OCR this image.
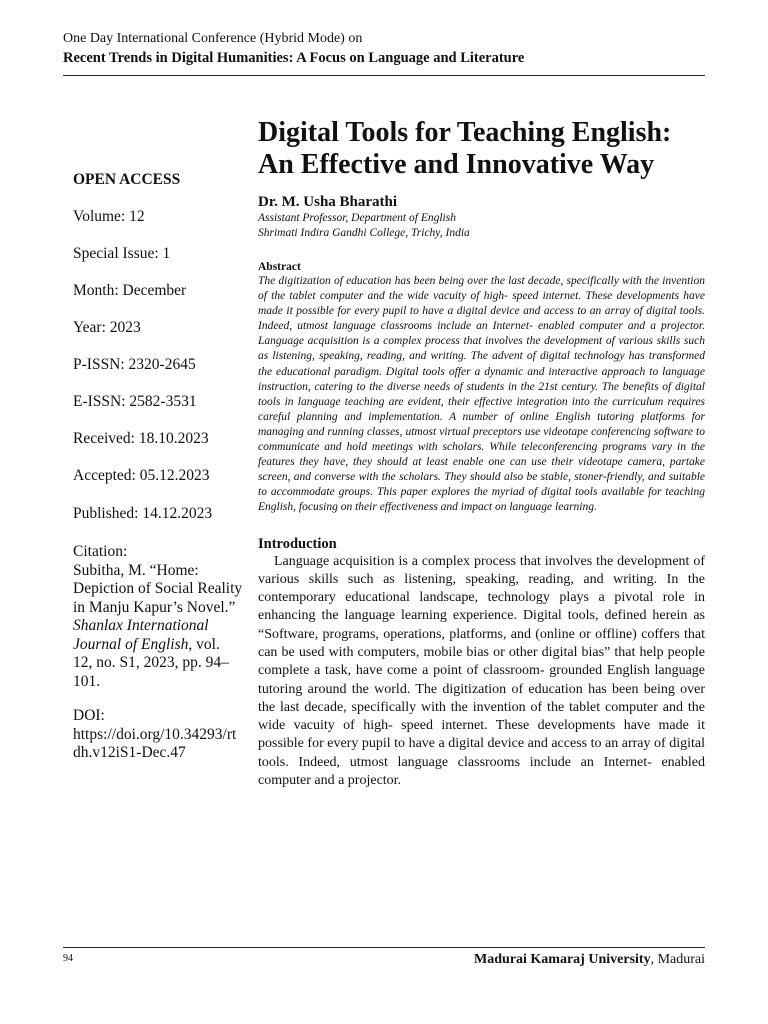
One Day International Conference (Hybrid Mode) on
Recent Trends in Digital Humanities: A Focus on Language and Literature
OPEN ACCESS
Volume: 12
Special Issue: 1
Month: December
Year: 2023
P-ISSN: 2320-2645
E-ISSN: 2582-3531
Received: 18.10.2023
Accepted: 05.12.2023
Published: 14.12.2023
Citation:
Subitha, M. “Home: Depiction of Social Reality in Manju Kapur’s Novel.” Shanlax International Journal of English, vol. 12, no. S1, 2023, pp. 94–101.
DOI:
https://doi.org/10.34293/rtdh.v12iS1-Dec.47
Digital Tools for Teaching English: An Effective and Innovative Way
Dr. M. Usha Bharathi
Assistant Professor, Department of English
Shrimati Indira Gandhi College, Trichy, India
Abstract

The digitization of education has been being over the last decade, specifically with the invention of the tablet computer and the wide vacuity of high- speed internet. These developments have made it possible for every pupil to have a digital device and access to an array of digital tools. Indeed, utmost language classrooms include an Internet- enabled computer and a projector. Language acquisition is a complex process that involves the development of various skills such as listening, speaking, reading, and writing. The advent of digital technology has transformed the educational paradigm. Digital tools offer a dynamic and interactive approach to language instruction, catering to the diverse needs of students in the 21st century. The benefits of digital tools in language teaching are evident, their effective integration into the curriculum requires careful planning and implementation. A number of online English tutoring platforms for managing and running classes, utmost virtual preceptors use videotape conferencing software to communicate and hold meetings with scholars. While teleconferencing programs vary in the features they have, they should at least enable one can use their videotape camera, partake screen, and converse with the scholars. They should also be stable, stoner-friendly, and suitable to accommodate groups. This paper explores the myriad of digital tools available for teaching English, focusing on their effectiveness and impact on language learning.

Introduction

Language acquisition is a complex process that involves the development of various skills such as listening, speaking, reading, and writing. In the contemporary educational landscape, technology plays a pivotal role in enhancing the language learning experience. Digital tools, defined herein as “Software, programs, operations, platforms, and (online or offline) coffers that can be used with computers, mobile bias or other digital bias” that help people complete a task, have come a point of classroom- grounded English language tutoring around the world. The digitization of education has been being over the last decade, specifically with the invention of the tablet computer and the wide vacuity of high- speed internet. These developments have made it possible for every pupil to have a digital device and access to an array of digital tools. Indeed, utmost language classrooms include an Internet- enabled computer and a projector.

94	Madurai Kamaraj University, Madurai
